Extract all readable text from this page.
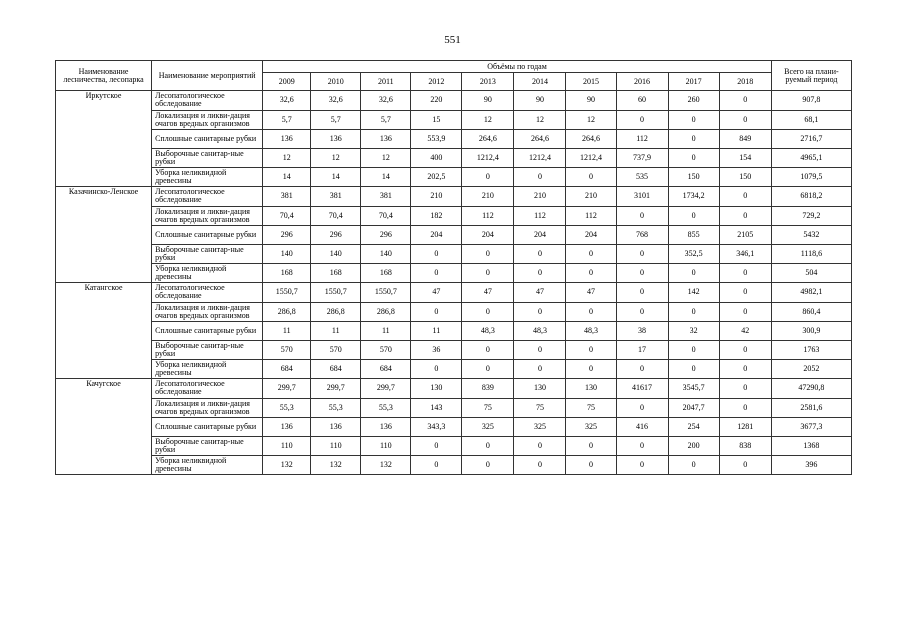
551
Наименование лесничества, лесопарка	Наименование мероприятий	Объёмы по годам										Всего на плани-руемый период
		2009	2010	2011	2012	2013	2014	2015	2016	2017	2018	
Иркутское	Лесопатологическое обследование	32,6	32,6	32,6	220	90	90	90	60	260	0	907,8
	Локализация и ликви-дация очагов вредных организмов	5,7	5,7	5,7	15	12	12	12	0	0	0	68,1
	Сплошные санитарные рубки	136	136	136	553,9	264,6	264,6	264,6	112	0	849	2716,7
	Выборочные санитар-ные рубки	12	12	12	400	1212,4	1212,4	1212,4	737,9	0	154	4965,1
	Уборка неликвидной древесины	14	14	14	202,5	0	0	0	535	150	150	1079,5
Казачинско-Ленское	Лесопатологическое обследование	381	381	381	210	210	210	210	3101	1734,2	0	6818,2
	Локализация и ликви-дация очагов вредных организмов	70,4	70,4	70,4	182	112	112	112	0	0	0	729,2
	Сплошные санитарные рубки	296	296	296	204	204	204	204	768	855	2105	5432
	Выборочные санитар-ные рубки	140	140	140	0	0	0	0	0	352,5	346,1	1118,6
	Уборка неликвидной древесины	168	168	168	0	0	0	0	0	0	0	504
Катангское	Лесопатологическое обследование	1550,7	1550,7	1550,7	47	47	47	47	0	142	0	4982,1
	Локализация и ликви-дация очагов вредных организмов	286,8	286,8	286,8	0	0	0	0	0	0	0	860,4
	Сплошные санитарные рубки	11	11	11	11	48,3	48,3	48,3	38	32	42	300,9
	Выборочные санитар-ные рубки	570	570	570	36	0	0	0	17	0	0	1763
	Уборка неликвидной древесины	684	684	684	0	0	0	0	0	0	0	2052
Качугское	Лесопатологическое обследование	299,7	299,7	299,7	130	839	130	130	41617	3545,7	0	47290,8
	Локализация и ликви-дация очагов вредных организмов	55,3	55,3	55,3	143	75	75	75	0	2047,7	0	2581,6
	Сплошные санитарные рубки	136	136	136	343,3	325	325	325	416	254	1281	3677,3
	Выборочные санитар-ные рубки	110	110	110	0	0	0	0	0	200	838	1368
	Уборка неликвидной древесины	132	132	132	0	0	0	0	0	0	0	396
